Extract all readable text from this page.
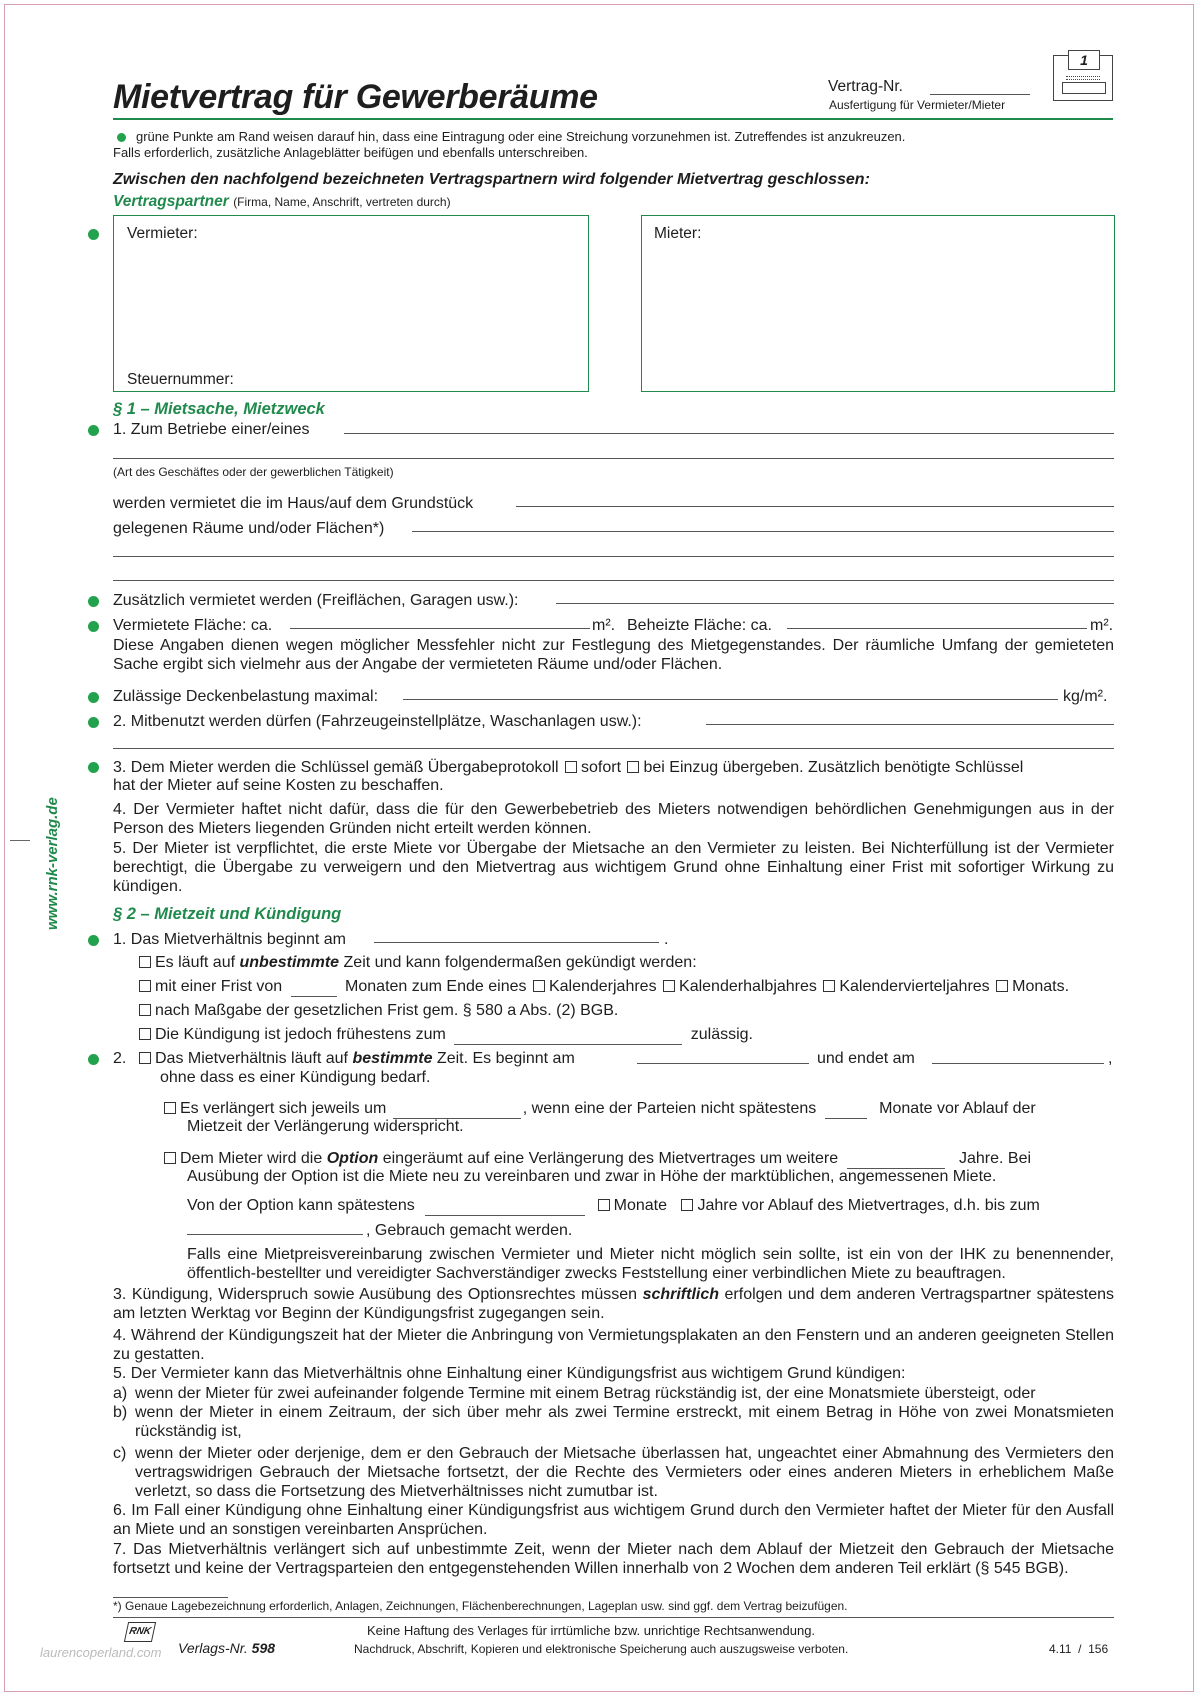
Mietvertrag für Gewerberäume	Vertrag-Nr.
Ausfertigung für Vermieter/Mieter
1
grüne Punkte am Rand weisen darauf hin, dass eine Eintragung oder eine Streichung vorzunehmen ist. Zutreffendes ist anzukreuzen.
Falls erforderlich, zusätzliche Anlageblätter beifügen und ebenfalls unterschreiben.
Zwischen den nachfolgend bezeichneten Vertragspartnern wird folgender Mietvertrag geschlossen:
Vertragspartner (Firma, Name, Anschrift, vertreten durch)
Vermieter:
Steuernummer:
Mieter:
§ 1 – Mietsache, Mietzweck
1. Zum Betriebe einer/eines
(Art des Geschäftes oder der gewerblichen Tätigkeit)
werden vermietet die im Haus/auf dem Grundstück
gelegenen Räume und/oder Flächen*)
Zusätzlich vermietet werden (Freiflächen, Garagen usw.):
Vermietete Fläche: ca.	m². Beheizte Fläche: ca.	m².
Diese Angaben dienen wegen möglicher Messfehler nicht zur Festlegung des Mietgegenstandes. Der räumliche Umfang der gemieteten Sache ergibt sich vielmehr aus der Angabe der vermieteten Räume und/oder Flächen.
Zulässige Deckenbelastung maximal:	kg/m².
2. Mitbenutzt werden dürfen (Fahrzeugeinstellplätze, Waschanlagen usw.):
3. Dem Mieter werden die Schlüssel gemäß Übergabeprotokoll sofort bei Einzug übergeben. Zusätzlich benötigte Schlüssel
hat der Mieter auf seine Kosten zu beschaffen.
4. Der Vermieter haftet nicht dafür, dass die für den Gewerbebetrieb des Mieters notwendigen behördlichen Genehmigungen aus in der Person des Mieters liegenden Gründen nicht erteilt werden können.
5. Der Mieter ist verpflichtet, die erste Miete vor Übergabe der Mietsache an den Vermieter zu leisten. Bei Nichterfüllung ist der Vermieter berechtigt, die Übergabe zu verweigern und den Mietvertrag aus wichtigem Grund ohne Einhaltung einer Frist mit sofortiger Wirkung zu kündigen.
www.rnk-verlag.de	§ 2 – Mietzeit und Kündigung
1. Das Mietverhältnis beginnt am	.
Es läuft auf unbestimmte Zeit und kann folgendermaßen gekündigt werden:
mit einer Frist von	Monaten zum Ende eines Kalenderjahres Kalenderhalbjahres Kalendervierteljahres Monats.
nach Maßgabe der gesetzlichen Frist gem. § 580 a Abs. (2) BGB.
Die Kündigung ist jedoch frühestens zum	zulässig.
2.	Das Mietverhältnis läuft auf bestimmte Zeit. Es beginnt am	und endet am	,
ohne dass es einer Kündigung bedarf.
Es verlängert sich jeweils um	, wenn eine der Parteien nicht spätestens	Monate vor Ablauf der
Mietzeit der Verlängerung widerspricht.
Dem Mieter wird die Option eingeräumt auf eine Verlängerung des Mietvertrages um weitere	Jahre. Bei
Ausübung der Option ist die Miete neu zu vereinbaren und zwar in Höhe der marktüblichen, angemessenen Miete.
Von der Option kann spätestens	Monate Jahre vor Ablauf des Mietvertrages, d.h. bis zum
, Gebrauch gemacht werden.
Falls eine Mietpreisvereinbarung zwischen Vermieter und Mieter nicht möglich sein sollte, ist ein von der IHK zu benennender, öffentlich-bestellter und vereidigter Sachverständiger zwecks Feststellung einer verbindlichen Miete zu beauftragen.
3. Kündigung, Widerspruch sowie Ausübung des Optionsrechtes müssen schriftlich erfolgen und dem anderen Vertragspartner spätestens am letzten Werktag vor Beginn der Kündigungsfrist zugegangen sein.
4. Während der Kündigungszeit hat der Mieter die Anbringung von Vermietungsplakaten an den Fenstern und an anderen geeigneten Stellen zu gestatten.
5. Der Vermieter kann das Mietverhältnis ohne Einhaltung einer Kündigungsfrist aus wichtigem Grund kündigen:
a) wenn der Mieter für zwei aufeinander folgende Termine mit einem Betrag rückständig ist, der eine Monatsmiete übersteigt, oder
b) wenn der Mieter in einem Zeitraum, der sich über mehr als zwei Termine erstreckt, mit einem Betrag in Höhe von zwei Monatsmieten rückständig ist,
c) wenn der Mieter oder derjenige, dem er den Gebrauch der Mietsache überlassen hat, ungeachtet einer Abmahnung des Vermieters den vertragswidrigen Gebrauch der Mietsache fortsetzt, der die Rechte des Vermieters oder eines anderen Mieters in erheblichem Maße verletzt, so dass die Fortsetzung des Mietverhältnisses nicht zumutbar ist.
6. Im Fall einer Kündigung ohne Einhaltung einer Kündigungsfrist aus wichtigem Grund durch den Vermieter haftet der Mieter für den Ausfall an Miete und an sonstigen vereinbarten Ansprüchen.
7. Das Mietverhältnis verlängert sich auf unbestimmte Zeit, wenn der Mieter nach dem Ablauf der Mietzeit den Gebrauch der Mietsache fortsetzt und keine der Vertragsparteien den entgegenstehenden Willen innerhalb von 2 Wochen dem anderen Teil erklärt (§ 545 BGB).
*) Genaue Lagebezeichnung erforderlich, Anlagen, Zeichnungen, Flächenberechnungen, Lageplan usw. sind ggf. dem Vertrag beizufügen.
RNK
laurencoperland.com Verlags-Nr. 598
Keine Haftung des Verlages für irrtümliche bzw. unrichtige Rechtsanwendung.
Nachdruck, Abschrift, Kopieren und elektronische Speicherung auch auszugsweise verboten.	4.11  /  156
